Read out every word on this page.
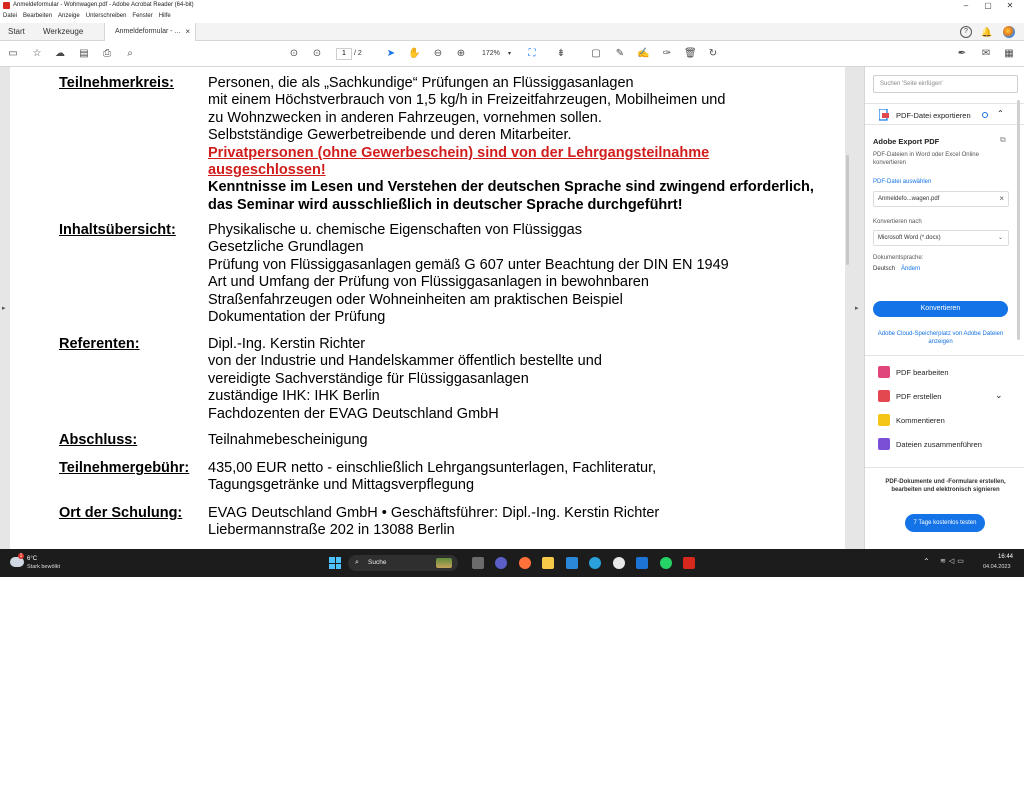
Anmeldeformular - Wohnwagen.pdf - Adobe Acrobat Reader (64-bit)	–	▢	✕
Datei Bearbeiten Anzeige Unterschreiben Fenster Hilfe
Start Werkzeuge	Anmeldeformular - ... ×	?	🔔
▭ ☆ ☁ ▤ ⎙	⌕	⊙ ⊙	1	/ 2	➤ ✋ ⊖ ⊕	172% ▾ ⛶ ⇟	▢ ✎ ✍ ✑ 🗑 ↻	✒ ✉ ▦
▸
Teilnehmerkreis: Personen, die als „Sachkundige“ Prüfungen an Flüssiggasanlagen
mit einem Höchstverbrauch von 1,5 kg/h in Freizeitfahrzeugen, Mobilheimen und
zu Wohnzwecken in anderen Fahrzeugen, vornehmen sollen.
Selbstständige Gewerbetreibende und deren Mitarbeiter.
Privatpersonen (ohne Gewerbeschein) sind von der Lehrgangsteilnahme
ausgeschlossen!
Kenntnisse im Lesen und Verstehen der deutschen Sprache sind zwingend erforderlich,
das Seminar wird ausschließlich in deutscher Sprache durchgeführt!
Inhaltsübersicht: Physikalische u. chemische Eigenschaften von Flüssiggas
Gesetzliche Grundlagen
Prüfung von Flüssiggasanlagen gemäß G 607 unter Beachtung der DIN EN 1949
Art und Umfang der Prüfung von Flüssiggasanlagen in bewohnbaren
Straßenfahrzeugen oder Wohneinheiten am praktischen Beispiel
Dokumentation der Prüfung
Referenten:	Dipl.-Ing. Kerstin Richter
von der Industrie und Handelskammer öffentlich bestellte und
vereidigte Sachverständige für Flüssiggasanlagen
zuständige IHK: IHK Berlin
Fachdozenten der EVAG Deutschland GmbH
Abschluss:	Teilnahmebescheinigung
Teilnehmergebühr: 435,00 EUR netto - einschließlich Lehrgangsunterlagen, Fachliteratur,
Tagungsgetränke und Mittagsverpflegung
Ort der Schulung: EVAG Deutschland GmbH • Geschäftsführer: Dipl.-Ing. Kerstin Richter
Liebermannstraße 202 in 13088 Berlin
▸
Suchen 'Seite einfügen'
PDF-Datei exportieren	⌃
Adobe Export PDF	⧉
PDF-Dateien in Word oder Excel Online konvertieren
PDF-Datei auswählen
Anmeldefo...wagen.pdf	×
Konvertieren nach
Microsoft Word (*.docx)	⌄
Dokumentsprache:
Deutsch Ändern
Konvertieren
Adobe Cloud-Speicherplatz von Adobe Dateien anzeigen
PDF bearbeiten
PDF erstellen	⌄
Kommentieren
Dateien zusammenführen
PDF-Dokumente und -Formulare erstellen, bearbeiten und elektronisch signieren
7 Tage kostenlos testen
1 6°C
Stark bewölkt
⌕ Suche	⌃ ≋◁▭
16:44
04.04.2023
